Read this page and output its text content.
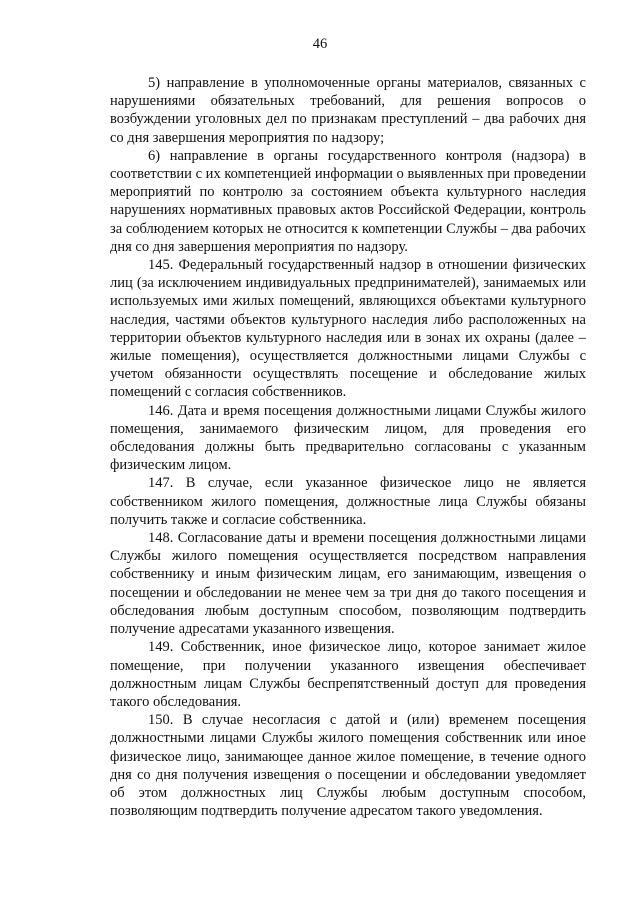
46

5) направление в уполномоченные органы материалов, связанных с нарушениями обязательных требований, для решения вопросов о возбуждении уголовных дел по признакам преступлений – два рабочих дня со дня завершения мероприятия по надзору;

6) направление в органы государственного контроля (надзора) в соответствии с их компетенцией информации о выявленных при проведении мероприятий по контролю за состоянием объекта культурного наследия нарушениях нормативных правовых актов Российской Федерации, контроль за соблюдением которых не относится к компетенции Службы – два рабочих дня со дня завершения мероприятия по надзору.

145. Федеральный государственный надзор в отношении физических лиц (за исключением индивидуальных предпринимателей), занимаемых или используемых ими жилых помещений, являющихся объектами культурного наследия, частями объектов культурного наследия либо расположенных на территории объектов культурного наследия или в зонах их охраны (далее – жилые помещения), осуществляется должностными лицами Службы с учетом обязанности осуществлять посещение и обследование жилых помещений с согласия собственников.

146. Дата и время посещения должностными лицами Службы жилого помещения, занимаемого физическим лицом, для проведения его обследования должны быть предварительно согласованы с указанным физическим лицом.

147. В случае, если указанное физическое лицо не является собственником жилого помещения, должностные лица Службы обязаны получить также и согласие собственника.

148. Согласование даты и времени посещения должностными лицами Службы жилого помещения осуществляется посредством направления собственнику и иным физическим лицам, его занимающим, извещения о посещении и обследовании не менее чем за три дня до такого посещения и обследования любым доступным способом, позволяющим подтвердить получение адресатами указанного извещения.

149. Собственник, иное физическое лицо, которое занимает жилое помещение, при получении указанного извещения обеспечивает должностным лицам Службы беспрепятственный доступ для проведения такого обследования.

150. В случае несогласия с датой и (или) временем посещения должностными лицами Службы жилого помещения собственник или иное физическое лицо, занимающее данное жилое помещение, в течение одного дня со дня получения извещения о посещении и обследовании уведомляет об этом должностных лиц Службы любым доступным способом, позволяющим подтвердить получение адресатом такого уведомления.
